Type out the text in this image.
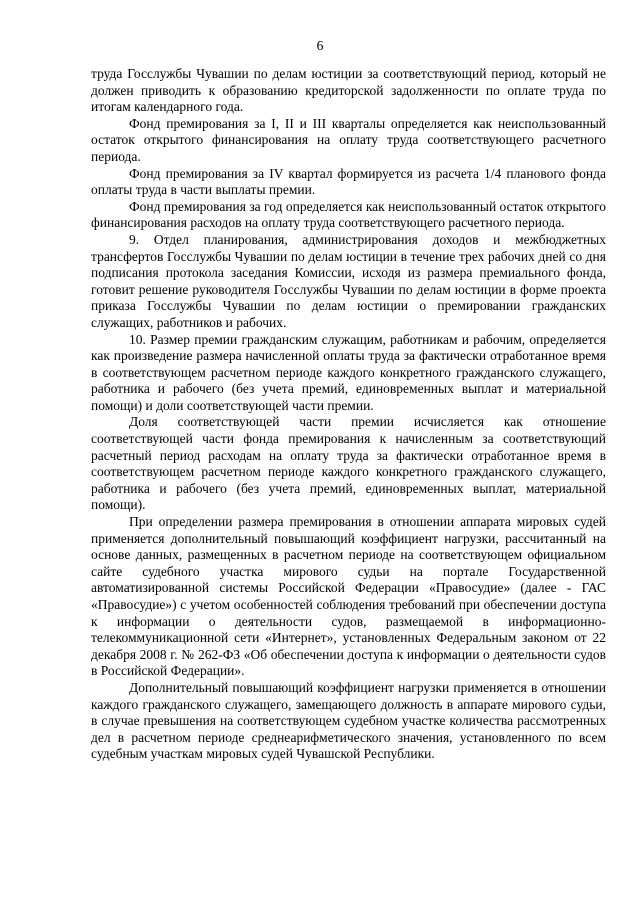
6

труда Госслужбы Чувашии по делам юстиции за соответствующий период, который не должен приводить к образованию кредиторской задолженности по оплате труда по итогам календарного года.

Фонд премирования за I, II и III кварталы определяется как неиспользованный остаток открытого финансирования на оплату труда соответствующего расчетного периода.

Фонд премирования за IV квартал формируется из расчета 1/4 планового фонда оплаты труда в части выплаты премии.

Фонд премирования за год определяется как неиспользованный остаток открытого финансирования расходов на оплату труда соответствующего расчетного периода.

9. Отдел планирования, администрирования доходов и межбюджетных трансфертов Госслужбы Чувашии по делам юстиции в течение трех рабочих дней со дня подписания протокола заседания Комиссии, исходя из размера премиального фонда, готовит решение руководителя Госслужбы Чувашии по делам юстиции в форме проекта приказа Госслужбы Чувашии по делам юстиции о премировании гражданских служащих, работников и рабочих.

10. Размер премии гражданским служащим, работникам и рабочим, определяется как произведение размера начисленной оплаты труда за фактически отработанное время в соответствующем расчетном периоде каждого конкретного гражданского служащего, работника и рабочего (без учета премий, единовременных выплат и материальной помощи) и доли соответствующей части премии.

Доля соответствующей части премии исчисляется как отношение соответствующей части фонда премирования к начисленным за соответствующий расчетный период расходам на оплату труда за фактически отработанное время в соответствующем расчетном периоде каждого конкретного гражданского служащего, работника и рабочего (без учета премий, единовременных выплат, материальной помощи).

При определении размера премирования в отношении аппарата мировых судей применяется дополнительный повышающий коэффициент нагрузки, рассчитанный на основе данных, размещенных в расчетном периоде на соответствующем официальном сайте судебного участка мирового судьи на портале Государственной автоматизированной системы Российской Федерации «Правосудие» (далее - ГАС «Правосудие») с учетом особенностей соблюдения требований при обеспечении доступа к информации о деятельности судов, размещаемой в информационно-телекоммуникационной сети «Интернет», установленных Федеральным законом от 22 декабря 2008 г. № 262-ФЗ «Об обеспечении доступа к информации о деятельности судов в Российской Федерации».

Дополнительный повышающий коэффициент нагрузки применяется в отношении каждого гражданского служащего, замещающего должность в аппарате мирового судьи, в случае превышения на соответствующем судебном участке количества рассмотренных дел в расчетном периоде среднеарифметического значения, установленного по всем судебным участкам мировых судей Чувашской Республики.
